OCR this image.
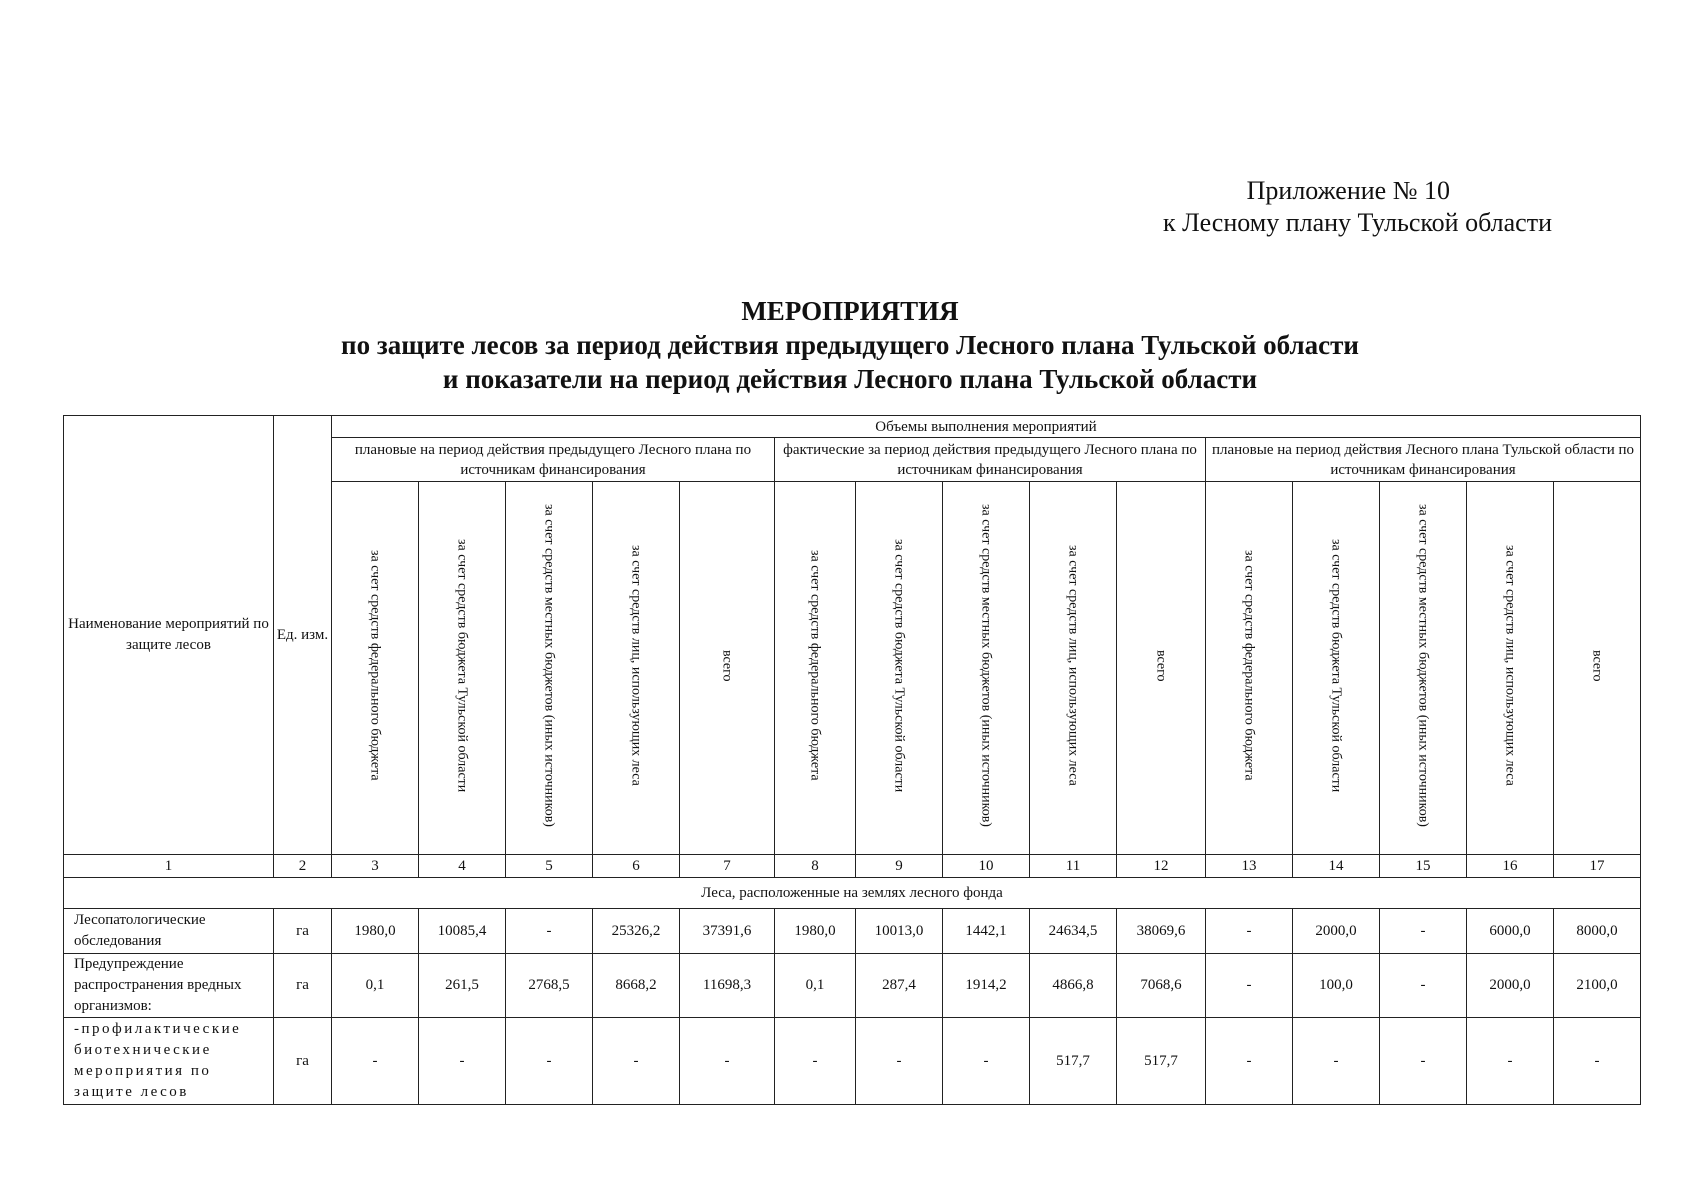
Приложение № 10
к Лесному плану Тульской области
МЕРОПРИЯТИЯ
по защите лесов за период действия предыдущего Лесного плана Тульской области
и показатели на период действия Лесного плана Тульской области
Наименование мероприятий по защите лесов	Ед. изм.	Объемы выполнения мероприятий														
		плановые на период действия предыдущего Лесного плана по источникам финансирования					фактические за период действия предыдущего Лесного плана по источникам финансирования					плановые на период действия Лесного плана Тульской области по источникам финансирования				
		за счет средств федерального бюджета	за счет средств бюджета Тульской области	за счет средств местных бюджетов (иных источников)	за счет средств лиц, использующих леса	всего	за счет средств федерального бюджета	за счет средств бюджета Тульской области	за счет средств местных бюджетов (иных источников)	за счет средств лиц, использующих леса	всего	за счет средств федерального бюджета	за счет средств бюджета Тульской области	за счет средств местных бюджетов (иных источников)	за счет средств лиц, использующих леса	всего
1	2	3	4	5	6	7	8	9	10	11	12	13	14	15	16	17
Леса, расположенные на землях лесного фонда																
Лесопатологические обследования	га	1980,0	10085,4	-	25326,2	37391,6	1980,0	10013,0	1442,1	24634,5	38069,6	-	2000,0	-	6000,0	8000,0
Предупреждение распространения вредных организмов:	га	0,1	261,5	2768,5	8668,2	11698,3	0,1	287,4	1914,2	4866,8	7068,6	-	100,0	-	2000,0	2100,0
-профилактические биотехнические мероприятия по защите лесов	га	-	-	-	-	-	-	-	-	517,7	517,7	-	-	-	-	-
